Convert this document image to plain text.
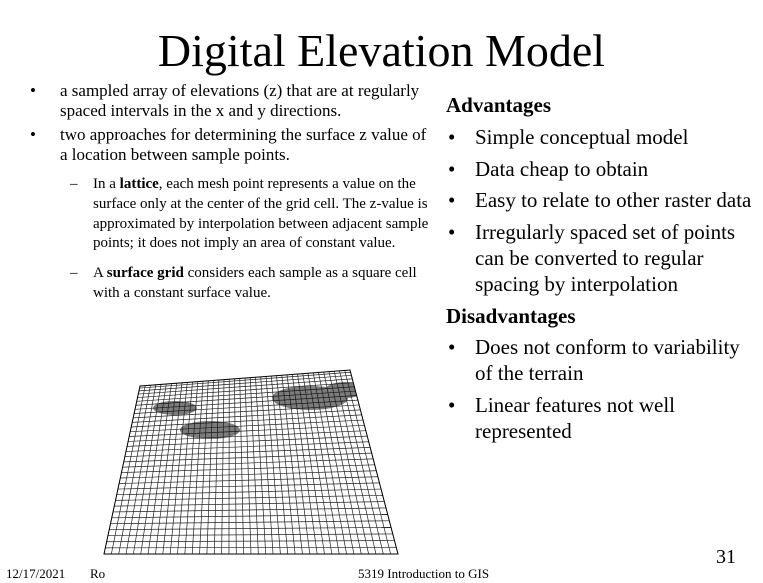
Digital Elevation Model
• a sampled array of elevations (z) that are at regularly spaced intervals in the x and y directions.
• two approaches for determining the surface z value of a location between sample points.
– In a lattice, each mesh point represents a value on the surface only at the center of the grid cell. The z-value is approximated by interpolation between adjacent sample points; it does not imply an area of constant value.
– A surface grid considers each sample as a square cell with a constant surface value.
Advantages
• Simple conceptual model
• Data cheap to obtain
• Easy to relate to other raster data
• Irregularly spaced set of points can be converted to regular spacing by interpolation
Disadvantages
• Does not conform to variability of the terrain
• Linear features not well represented
12/17/2021 Ro	5319 Introduction to GIS
31
